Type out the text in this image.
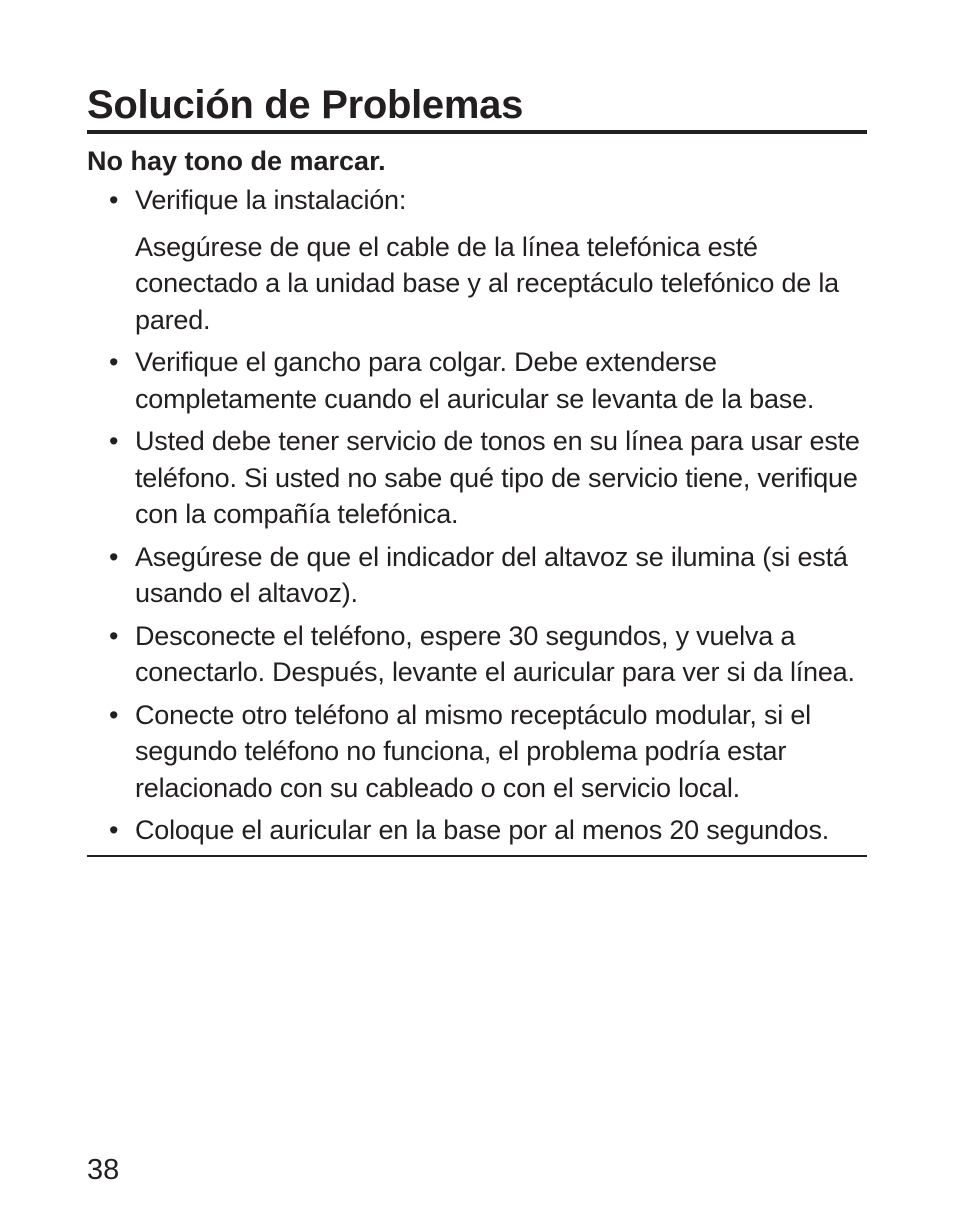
Solución de Problemas
No hay tono de marcar.
• Verifique la instalación:
Asegúrese de que el cable de la línea telefónica esté conectado a la unidad base y al receptáculo telefónico de la pared.
• Verifique el gancho para colgar. Debe extenderse completamente cuando el auricular se levanta de la base.
• Usted debe tener servicio de tonos en su línea para usar este teléfono. Si usted no sabe qué tipo de servicio tiene, verifique con la compañía telefónica.
• Asegúrese de que el indicador del altavoz se ilumina (si está usando el altavoz).
• Desconecte el teléfono, espere 30 segundos, y vuelva a conectarlo. Después, levante el auricular para ver si da línea.
• Conecte otro teléfono al mismo receptáculo modular, si el segundo teléfono no funciona, el problema podría estar relacionado con su cableado o con el servicio local.
• Coloque el auricular en la base por al menos 20 segundos.
38
